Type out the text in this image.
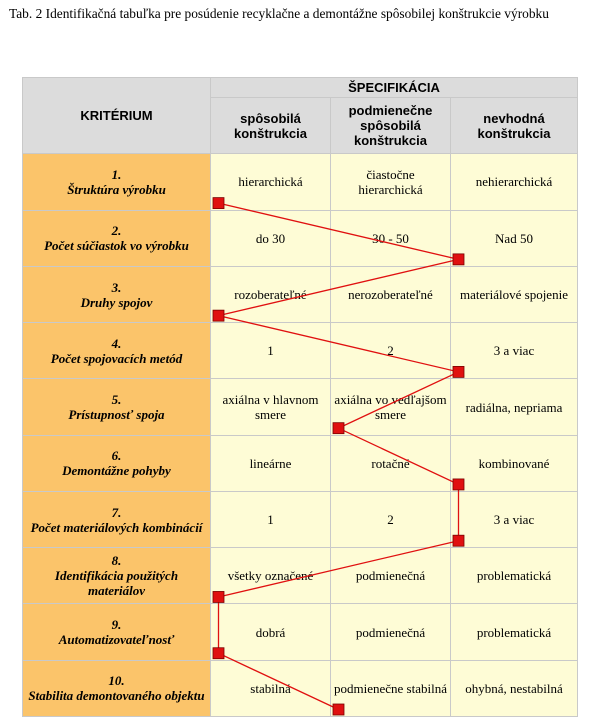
Tab. 2 Identifikačná tabuľka pre posúdenie recyklačne a demontážne spôsobilej konštrukcie výrobku
KRITÉRIUM	ŠPECIFIKÁCIA		
	spôsobilá konštrukcia	podmienečne spôsobilá konštrukcia	nevhodná konštrukcia

1.
Štruktúra výrobku	hierarchická	čiastočne hierarchická	nehierarchická

2.
Počet súčiastok vo výrobku	do 30	30 - 50	Nad 50

3.
Druhy spojov	rozoberateľné	nerozoberateľné	materiálové spojenie

4.
Počet spojovacích metód	1	2	3 a viac

5.
Prístupnosť spoja	axiálna v hlavnom smere	axiálna vo vedľajšom smere	radiálna, nepriama

6.
Demontážne pohyby	lineárne	rotačné	kombinované

7.
Počet materiálových kombinácií	1	2	3 a viac

8.
Identifikácia použitých materiálov	všetky označené	podmienečná	problematická

9.
Automatizovateľnosť	dobrá	podmienečná	problematická

10.
Stabilita demontovaného objektu	stabilná	podmienečne stabilná	ohybná, nestabilná
